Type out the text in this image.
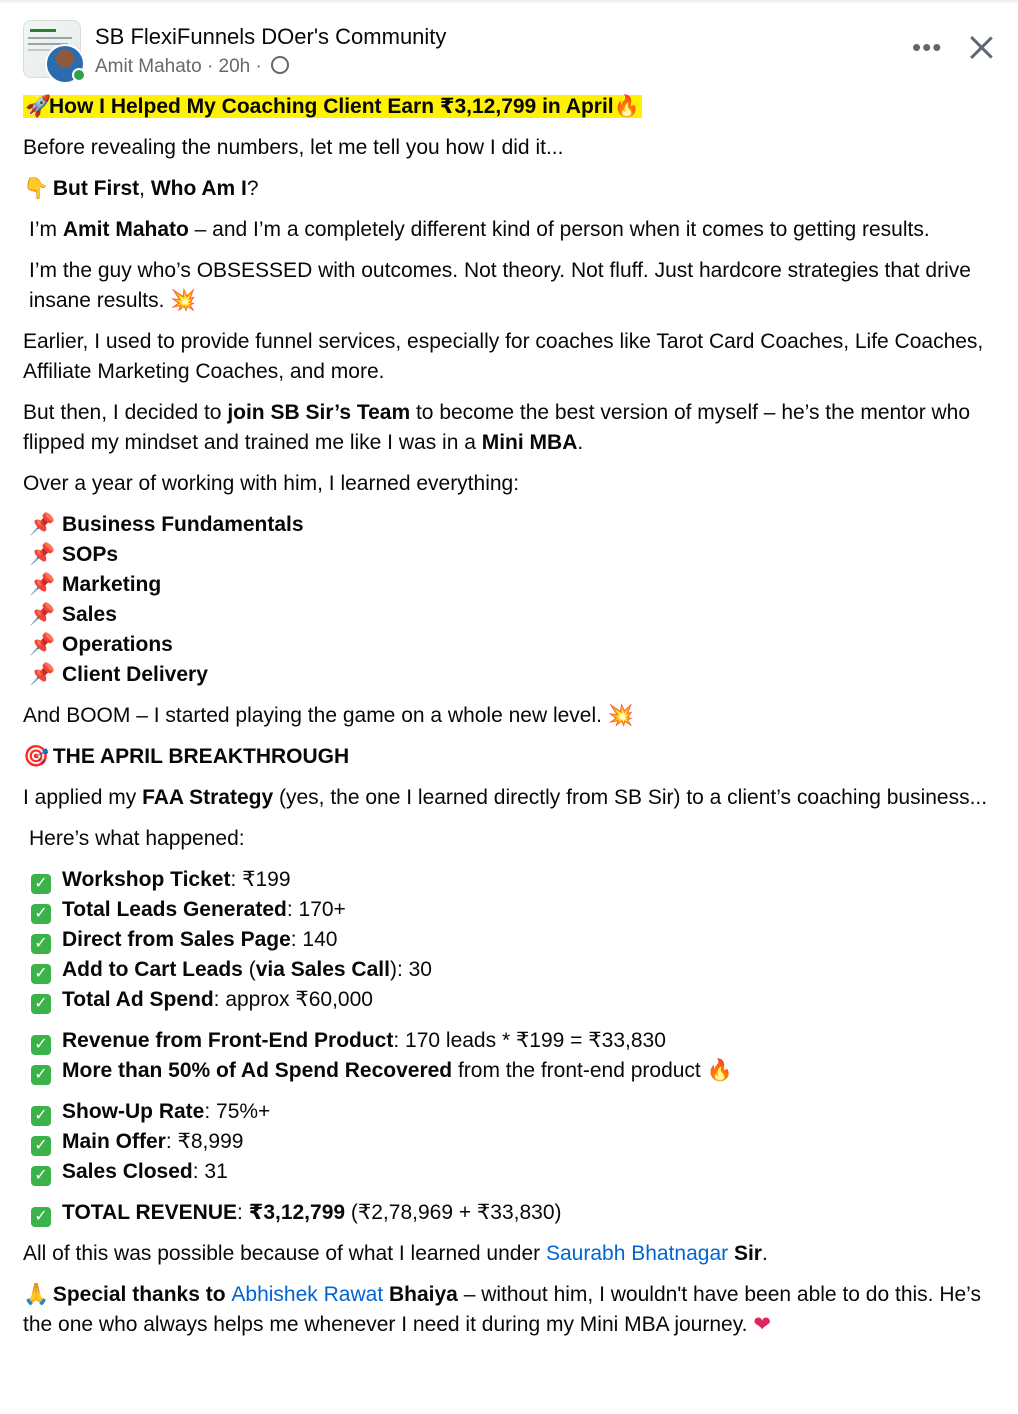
SB FlexiFunnels DOer's Community
Amit Mahato · 20h ·
•••

🚀How I Helped My Coaching Client Earn ₹3,12,799 in April🔥

Before revealing the numbers, let me tell you how I did it...

👇 But First, Who Am I?

I’m Amit Mahato – and I’m a completely different kind of person when it comes to getting results.

I’m the guy who’s OBSESSED with outcomes. Not theory. Not fluff. Just hardcore strategies that drive insane results. 💥

Earlier, I used to provide funnel services, especially for coaches like Tarot Card Coaches, Life Coaches, Affiliate Marketing Coaches, and more.

But then, I decided to join SB Sir’s Team to become the best version of myself – he’s the mentor who flipped my mindset and trained me like I was in a Mini MBA.

Over a year of working with him, I learned everything:

📌 Business Fundamentals
📌 SOPs
📌 Marketing
📌 Sales
📌 Operations
📌 Client Delivery

And BOOM – I started playing the game on a whole new level. 💥

🎯 THE APRIL BREAKTHROUGH

I applied my FAA Strategy (yes, the one I learned directly from SB Sir) to a client’s coaching business...

Here’s what happened:

✓ Workshop Ticket: ₹199
✓ Total Leads Generated: 170+
✓ Direct from Sales Page: 140
✓ Add to Cart Leads (via Sales Call): 30
✓ Total Ad Spend: approx ₹60,000
✓ Revenue from Front-End Product: 170 leads * ₹199 = ₹33,830
✓ More than 50% of Ad Spend Recovered from the front-end product 🔥
✓ Show-Up Rate: 75%+
✓ Main Offer: ₹8,999
✓ Sales Closed: 31
✓ TOTAL REVENUE: ₹3,12,799 (₹2,78,969 + ₹33,830)

All of this was possible because of what I learned under Saurabh Bhatnagar Sir.

🙏 Special thanks to Abhishek Rawat Bhaiya – without him, I wouldn't have been able to do this. He’s the one who always helps me whenever I need it during my Mini MBA journey. ❤
